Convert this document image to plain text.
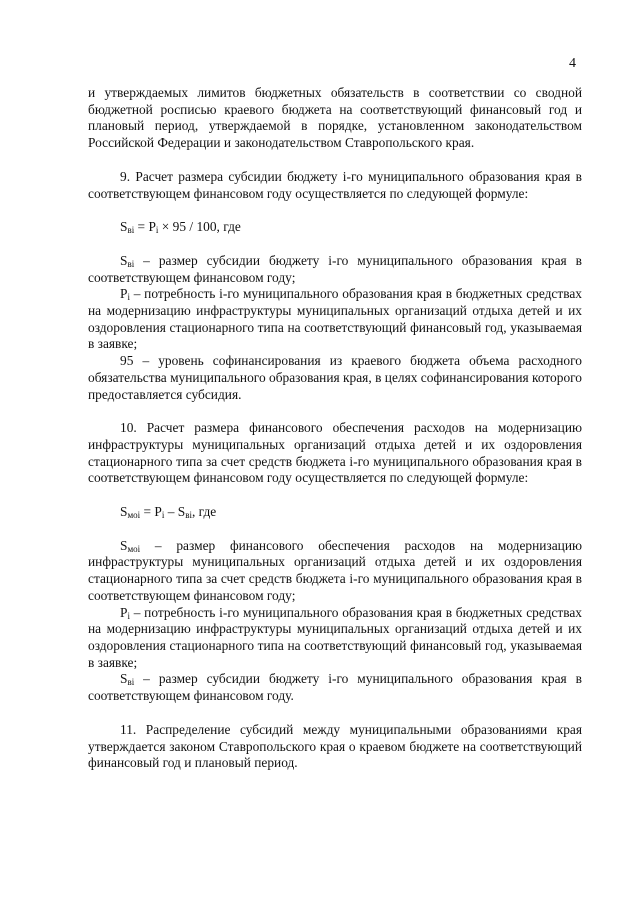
4

и утверждаемых лимитов бюджетных обязательств в соответствии со сводной бюджетной росписью краевого бюджета на соответствующий финансовый год и плановый период, утверждаемой в порядке, установленном законодательством Российской Федерации и законодательством Ставропольского края.

9. Расчет размера субсидии бюджету i-го муниципального образования края в соответствующем финансовом году осуществляется по следующей формуле:

$S_{вi} = P_i \times 95 / 100$, где

$S_{вi}$ – размер субсидии бюджету i-го муниципального образования края в соответствующем финансовом году;

$P_i$ – потребность i-го муниципального образования края в бюджетных средствах на модернизацию инфраструктуры муниципальных организаций отдыха детей и их оздоровления стационарного типа на соответствующий финансовый год, указываемая в заявке;

95 – уровень софинансирования из краевого бюджета объема расходного обязательства муниципального образования края, в целях софинансирования которого предоставляется субсидия.

10. Расчет размера финансового обеспечения расходов на модернизацию инфраструктуры муниципальных организаций отдыха детей и их оздоровления стационарного типа за счет средств бюджета i-го муниципального образования края в соответствующем финансовом году осуществляется по следующей формуле:

$S_{мoi} = P_i - S_{вi}$, где

$S_{мoi}$ – размер финансового обеспечения расходов на модернизацию инфраструктуры муниципальных организаций отдыха детей и их оздоровления стационарного типа за счет средств бюджета i-го муниципального образования края в соответствующем финансовом году;

$P_i$ – потребность i-го муниципального образования края в бюджетных средствах на модернизацию инфраструктуры муниципальных организаций отдыха детей и их оздоровления стационарного типа на соответствующий финансовый год, указываемая в заявке;

$S_{вi}$ – размер субсидии бюджету i-го муниципального образования края в соответствующем финансовом году.

11. Распределение субсидий между муниципальными образованиями края утверждается законом Ставропольского края о краевом бюджете на соответствующий финансовый год и плановый период.
